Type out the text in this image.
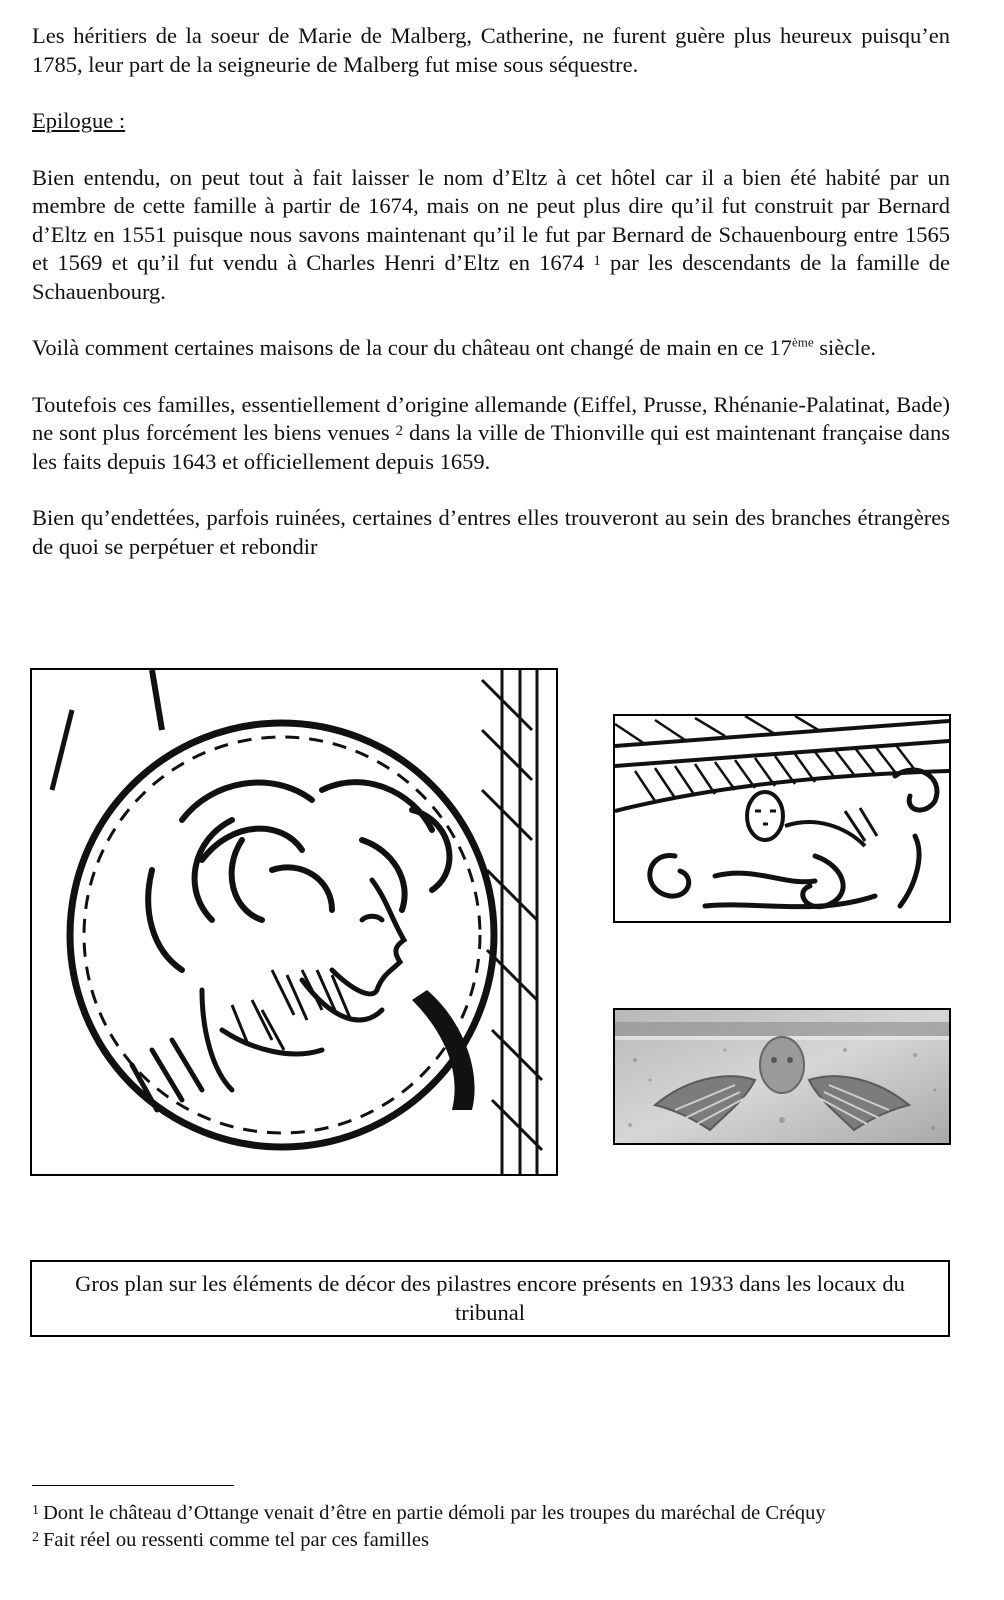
Les héritiers de la soeur de Marie de Malberg, Catherine, ne furent guère plus heureux puisqu’en 1785, leur part de la seigneurie de Malberg fut mise sous séquestre.

Epilogue :

Bien entendu, on peut tout à fait laisser le nom d’Eltz à cet hôtel car il a bien été habité par un membre de cette famille à partir de 1674, mais on ne peut plus dire qu’il fut construit par Bernard d’Eltz en 1551 puisque nous savons maintenant qu’il le fut par Bernard de Schauenbourg entre 1565 et 1569 et qu’il fut vendu à Charles Henri d’Eltz en 1674 $^1$ par les descendants de la famille de Schauenbourg.

Voilà comment certaines maisons de la cour du château ont changé de main en ce 17ème siècle.

Toutefois ces familles, essentiellement d’origine allemande (Eiffel, Prusse, Rhénanie-Palatinat, Bade) ne sont plus forcément les biens venues $^2$ dans la ville de Thionville qui est maintenant française dans les faits depuis 1643 et officiellement depuis 1659.

Bien qu’endettées, parfois ruinées, certaines d’entres elles trouveront au sein des branches étrangères de quoi se perpétuer et rebondir

Gros plan sur les éléments de décor des pilastres encore présents en 1933 dans les locaux du tribunal

$^1$ Dont le château d’Ottange venait d’être en partie démoli par les troupes du maréchal de Créquy

$^2$ Fait réel ou ressenti comme tel par ces familles
